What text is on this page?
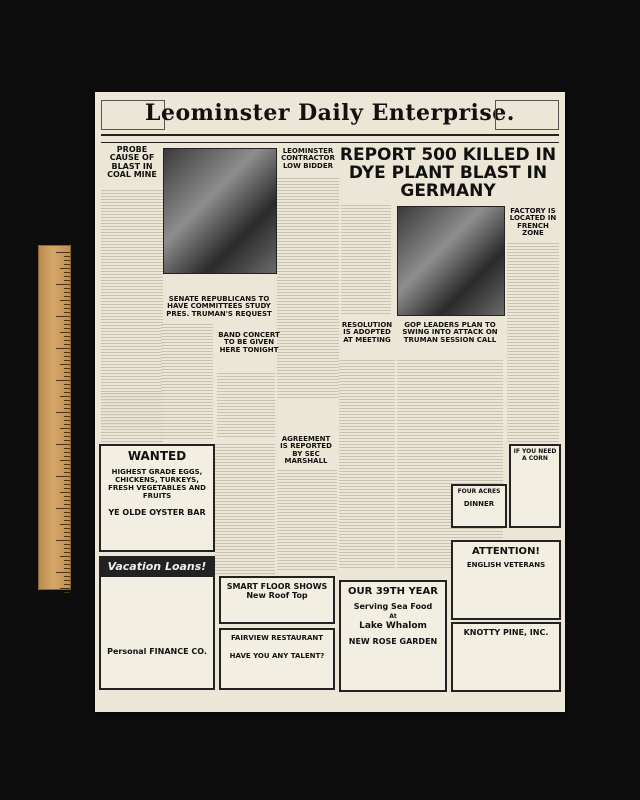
Leominster Daily Enterprise.
PROBE CAUSE OF BLAST IN COAL MINE
LEOMINSTER CONTRACTOR LOW BIDDER
REPORT 500 KILLED IN DYE PLANT BLAST IN GERMANY
FACTORY IS LOCATED IN FRENCH ZONE
SENATE REPUBLICANS TO HAVE COMMITTEES STUDY PRES. TRUMAN'S REQUEST
BAND CONCERT TO BE GIVEN HERE TONIGHT
RESOLUTION IS ADOPTED AT MEETING
GOP LEADERS PLAN TO SWING INTO ATTACK ON TRUMAN SESSION CALL
AGREEMENT IS REPORTED BY SEC MARSHALL
WANTED
HIGHEST GRADE EGGS, CHICKENS, TURKEYS, FRESH VEGETABLES AND FRUITS
YE OLDE OYSTER BAR
Vacation Loans!
Personal FINANCE CO.
SMART FLOOR SHOWS
New Roof Top
FAIRVIEW RESTAURANT
HAVE YOU ANY TALENT?
OUR 39TH YEAR
Serving Sea Food
At
Lake Whalom
NEW ROSE GARDEN
FOUR ACRES
DINNER
IF YOU NEED A CORN
ATTENTION!
ENGLISH VETERANS
KNOTTY PINE, INC.
